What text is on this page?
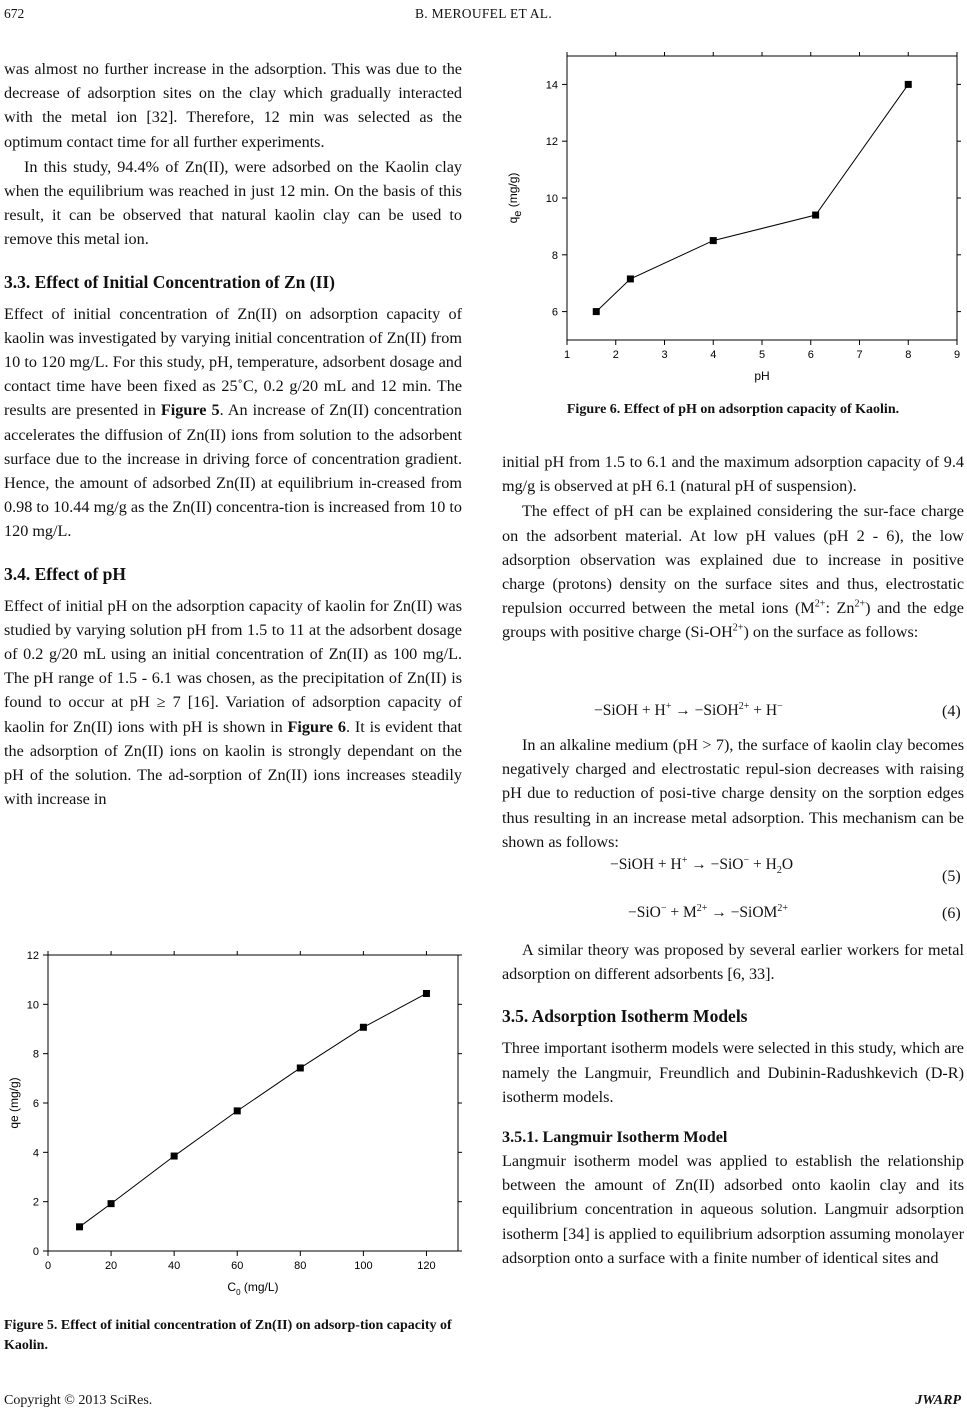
672	B. MEROUFEL ET AL.

was almost no further increase in the adsorption. This was due to the decrease of adsorption sites on the clay which gradually interacted with the metal ion [32]. Therefore, 12 min was selected as the optimum contact time for all further experiments.

In this study, 94.4% of Zn(II), were adsorbed on the Kaolin clay when the equilibrium was reached in just 12 min. On the basis of this result, it can be observed that natural kaolin clay can be used to remove this metal ion.

3.3. Effect of Initial Concentration of Zn (II)

Effect of initial concentration of Zn(II) on adsorption capacity of kaolin was investigated by varying initial concentration of Zn(II) from 10 to 120 mg/L. For this study, pH, temperature, adsorbent dosage and contact time have been fixed as 25˚C, 0.2 g/20 mL and 12 min. The results are presented in Figure 5. An increase of Zn(II) concentration accelerates the diffusion of Zn(II) ions from solution to the adsorbent surface due to the increase in driving force of concentration gradient. Hence, the amount of adsorbed Zn(II) at equilibrium in-creased from 0.98 to 10.44 mg/g as the Zn(II) concentra-tion is increased from 10 to 120 mg/L.

3.4. Effect of pH

Effect of initial pH on the adsorption capacity of kaolin for Zn(II) was studied by varying solution pH from 1.5 to 11 at the adsorbent dosage of 0.2 g/20 mL using an initial concentration of Zn(II) as 100 mg/L. The pH range of 1.5 - 6.1 was chosen, as the precipitation of Zn(II) is found to occur at pH ≥ 7 [16]. Variation of adsorption capacity of kaolin for Zn(II) ions with pH is shown in Figure 6. It is evident that the adsorption of Zn(II) ions on kaolin is strongly dependant on the pH of the solution. The ad-sorption of Zn(II) ions increases steadily with increase in

0	20	40	60	80	100	120
0
2
4
6
8
10
12
$C_0$ (mg/L)
qe (mg/g)
Figure 5. Effect of initial concentration of Zn(II) on adsorp-tion capacity of Kaolin.
1	2	3	4	5	6	7	8	9
6
8
10
12
14
pH
qe (mg/g)
Figure 6. Effect of pH on adsorption capacity of Kaolin.

initial pH from 1.5 to 6.1 and the maximum adsorption capacity of 9.4 mg/g is observed at pH 6.1 (natural pH of suspension).

The effect of pH can be explained considering the sur-face charge on the adsorbent material. At low pH values (pH 2 - 6), the low adsorption observation was explained due to increase in positive charge (protons) density on the surface sites and thus, electrostatic repulsion occurred between the metal ions ($M^{2+}$: $Zn^{2+}$) and the edge groups with positive charge $(Si-OH^{2+})$ on the surface as follows:

−SiOH + H+ → −SiOH$^{2+}$ + H−	(4)

In an alkaline medium (pH > 7), the surface of kaolin clay becomes negatively charged and electrostatic repul-sion decreases with raising pH due to reduction of posi-tive charge density on the sorption edges thus resulting in an increase metal adsorption. This mechanism can be shown as follows:

−SiOH + $H^+ \to -SiO^- + H_2O$
(5)
$-SiO^- + M^{2+}$ → −SiOM$^{2+}$	(6)

A similar theory was proposed by several earlier workers for metal adsorption on different adsorbents [6, 33].

3.5. Adsorption Isotherm Models

Three important isotherm models were selected in this study, which are namely the Langmuir, Freundlich and Dubinin-Radushkevich (D-R) isotherm models.

3.5.1. Langmuir Isotherm Model

Langmuir isotherm model was applied to establish the relationship between the amount of Zn(II) adsorbed onto kaolin clay and its equilibrium concentration in aqueous solution. Langmuir adsorption isotherm [34] is applied to equilibrium adsorption assuming monolayer adsorption onto a surface with a finite number of identical sites and

Copyright © 2013 SciRes.	JWARP
